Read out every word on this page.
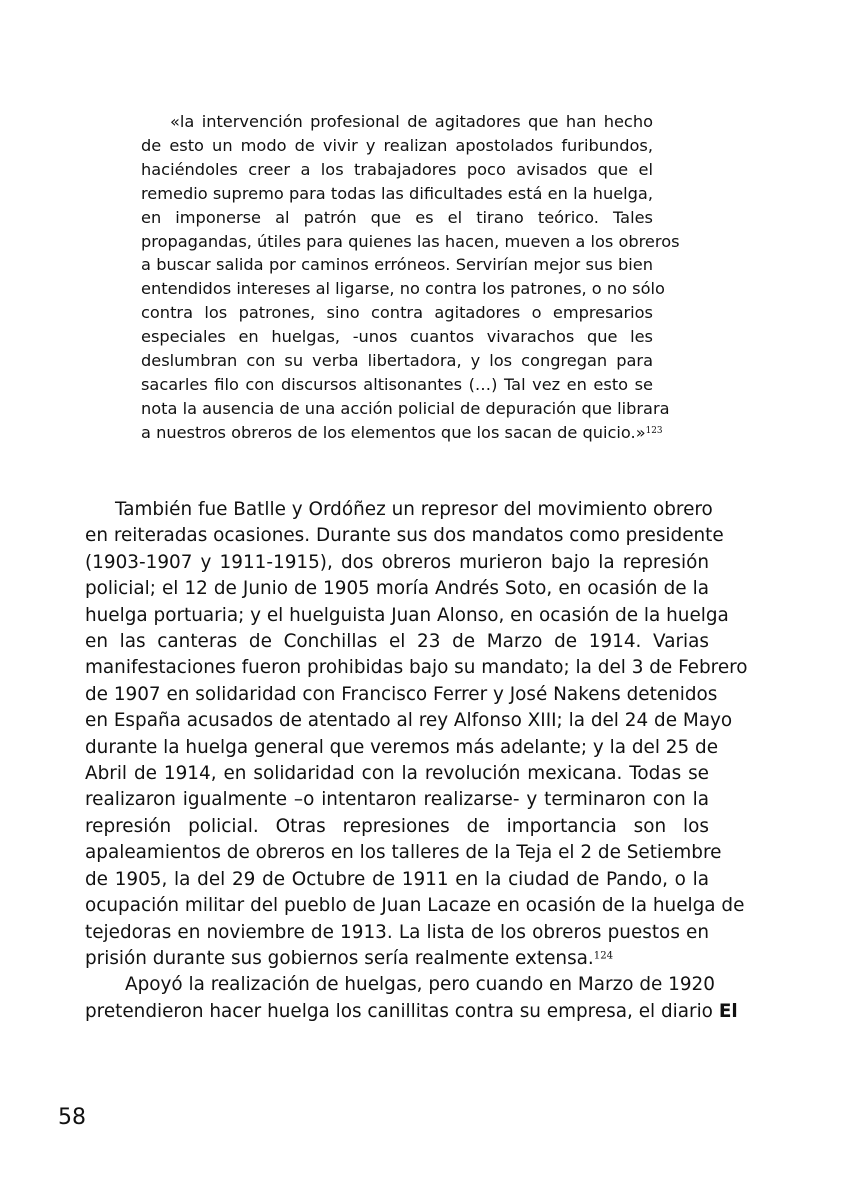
«la intervención profesional de agitadores que han hecho
de esto un modo de vivir y realizan apostolados furibundos,
haciéndoles creer a los trabajadores poco avisados que el
remedio supremo para todas las dificultades está en la huelga,
en imponerse al patrón que es el tirano teórico. Tales
propagandas, útiles para quienes las hacen, mueven a los obreros
a buscar salida por caminos erróneos. Servirían mejor sus bien
entendidos intereses al ligarse, no contra los patrones, o no sólo
contra los patrones, sino contra agitadores o empresarios
especiales en huelgas, -unos cuantos vivarachos que les
deslumbran con su verba libertadora, y los congregan para
sacarles filo con discursos altisonantes (…) Tal vez en esto se
nota la ausencia de una acción policial de depuración que librara
a nuestros obreros de los elementos que los sacan de quicio.»$^{123}$
También fue Batlle y Ordóñez un represor del movimiento obrero
en reiteradas ocasiones. Durante sus dos mandatos como presidente
(1903-1907 y 1911-1915), dos obreros murieron bajo la represión
policial; el 12 de Junio de 1905 moría Andrés Soto, en ocasión de la
huelga portuaria; y el huelguista Juan Alonso, en ocasión de la huelga
en las canteras de Conchillas el 23 de Marzo de 1914. Varias
manifestaciones fueron prohibidas bajo su mandato; la del 3 de Febrero
de 1907 en solidaridad con Francisco Ferrer y José Nakens detenidos
en España acusados de atentado al rey Alfonso XIII; la del 24 de Mayo
durante la huelga general que veremos más adelante; y la del 25 de
Abril de 1914, en solidaridad con la revolución mexicana. Todas se
realizaron igualmente –o intentaron realizarse- y terminaron con la
represión policial. Otras represiones de importancia son los
apaleamientos de obreros en los talleres de la Teja el 2 de Setiembre
de 1905, la del 29 de Octubre de 1911 en la ciudad de Pando, o la
ocupación militar del pueblo de Juan Lacaze en ocasión de la huelga de
tejedoras en noviembre de 1913. La lista de los obreros puestos en
prisión durante sus gobiernos sería realmente extensa.$^{124}$
Apoyó la realización de huelgas, pero cuando en Marzo de 1920
pretendieron hacer huelga los canillitas contra su empresa, el diario El
58
